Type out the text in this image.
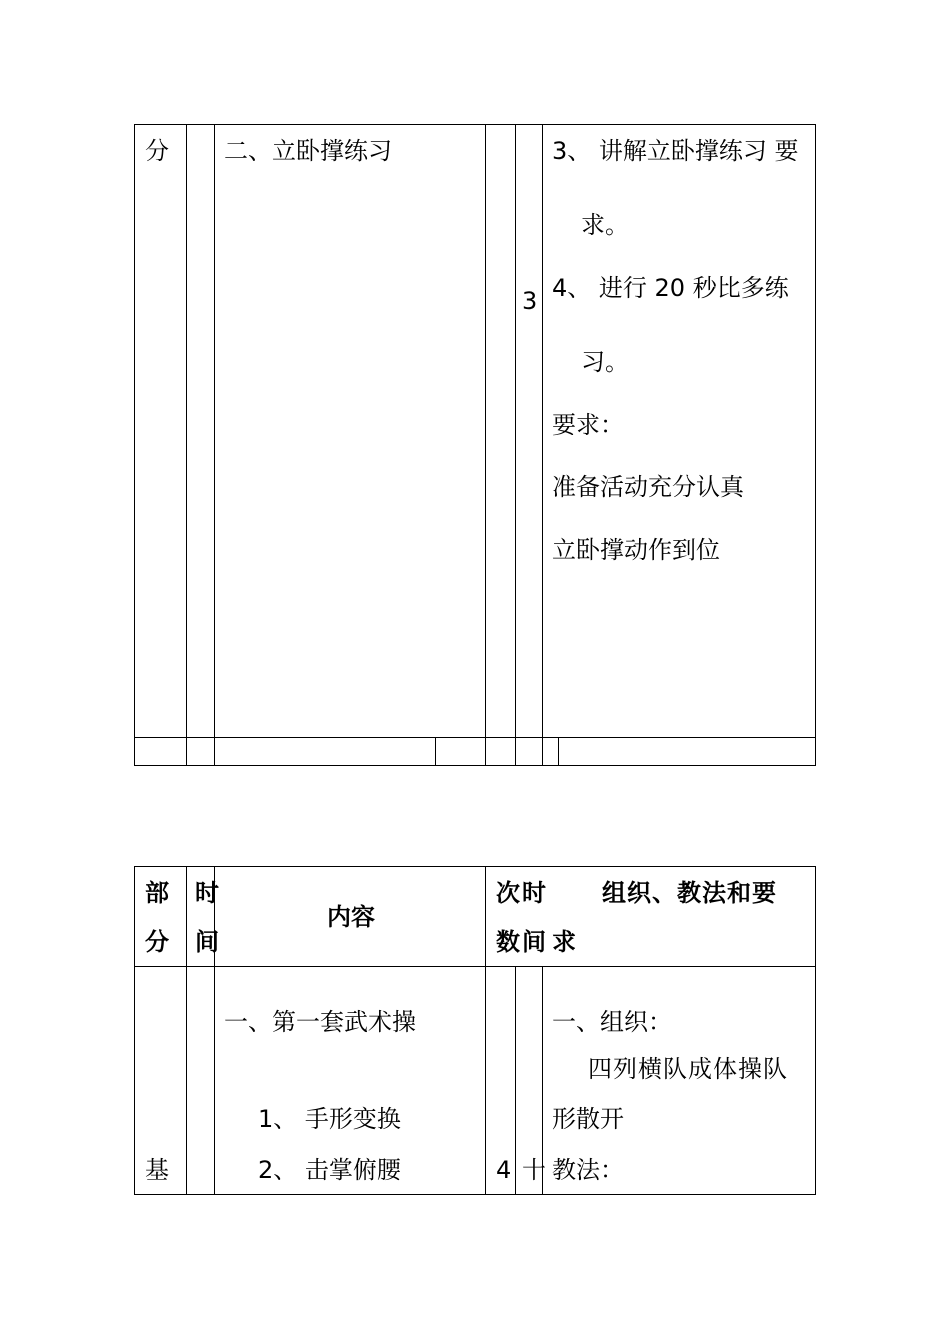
分 二、立卧撑练习
3
3、 讲解立卧撑练习 要
求。
4、 进行 20 秒比多练
习。
要求：
准备活动充分认真
立卧撑动作到位
部
分
时
间
内容
次
数
时
间
组织、教法和要
求
基
一、第一套武术操
1、 手形变换
2、 击掌俯腰	4 十
一、组织：
四列横队成体操队
形散开
教法：
